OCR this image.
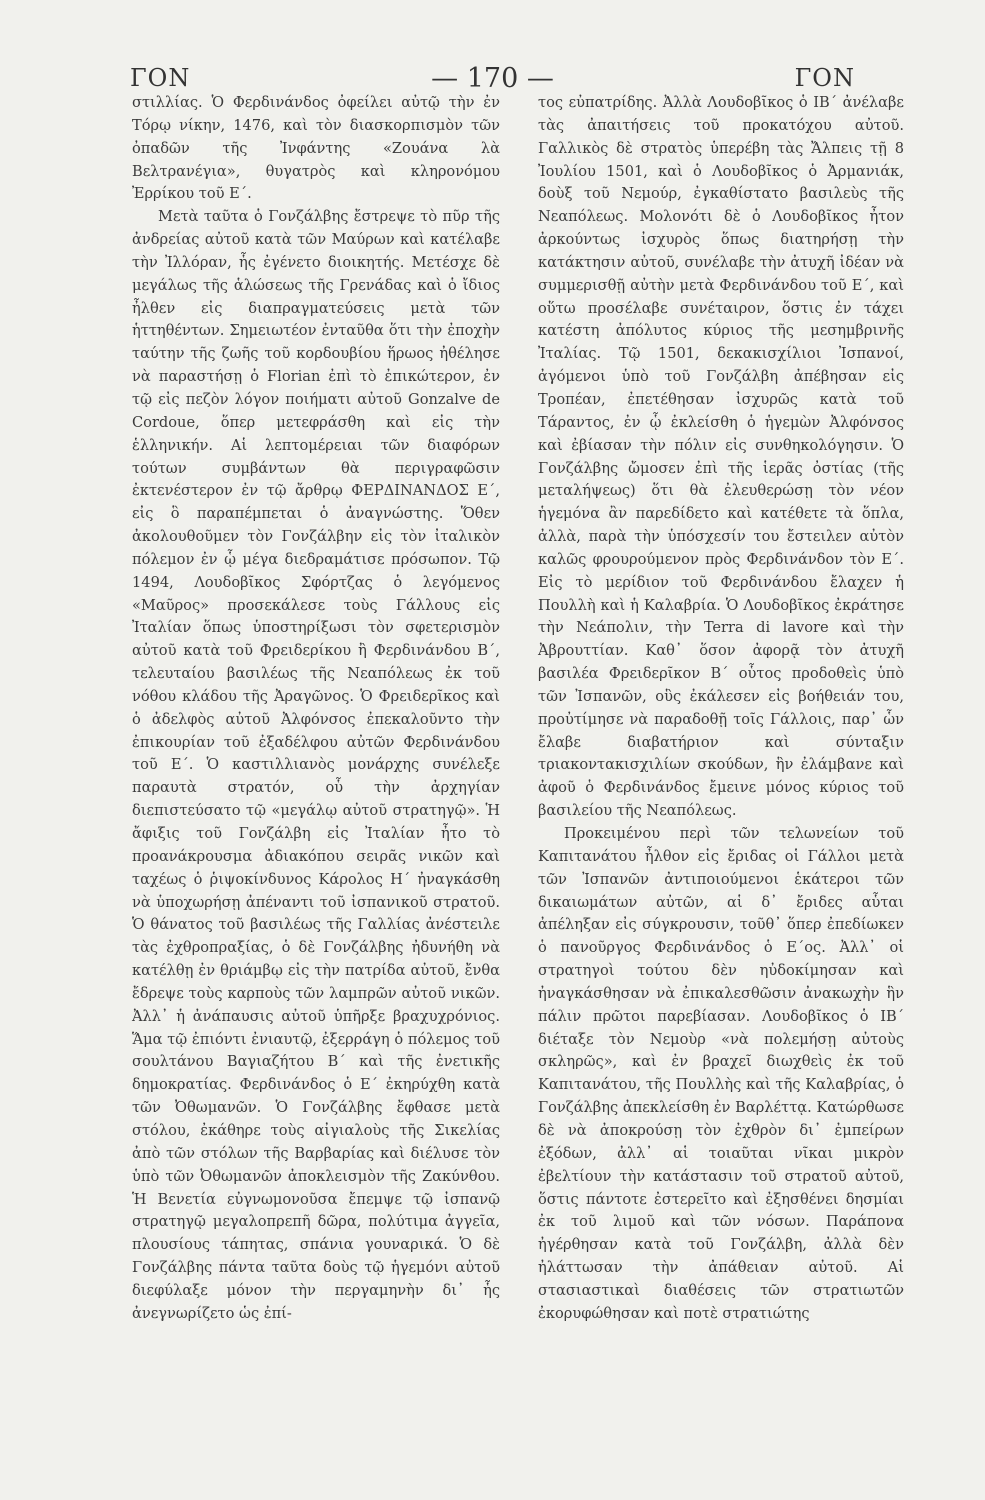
ΓΟΝ	— 170 —	ΓΟΝ

στιλλίας. Ὁ Φερδινάνδος ὀφείλει αὐτῷ τὴν ἐν Τόρῳ νίκην, 1476, καὶ τὸν διασκορπισμὸν τῶν ὀπαδῶν τῆς Ἰνφάντης «Ζουάνα λὰ Βελτρανέγια», θυγατρὸς καὶ κληρονόμου Ἐρρίκου τοῦ Ε΄.

Μετὰ ταῦτα ὁ Γονζάλβης ἔστρεψε τὸ πῦρ τῆς ἀνδρείας αὐτοῦ κατὰ τῶν Μαύρων καὶ κατέλαβε τὴν Ἰλλόραν, ἧς ἐγένετο διοικητής. Μετέσχε δὲ μεγάλως τῆς ἁλώσεως τῆς Γρενάδας καὶ ὁ ἴδιος ἦλθεν εἰς διαπραγματεύσεις μετὰ τῶν ἡττηθέντων. Σημειωτέον ἐνταῦθα ὅτι τὴν ἐποχὴν ταύτην τῆς ζωῆς τοῦ κορδουβίου ἥρωος ἠθέλησε νὰ παραστήσῃ ὁ Florian ἐπὶ τὸ ἐπικώτερον, ἐν τῷ εἰς πεζὸν λόγον ποιήματι αὐτοῦ Gonzalve de Cordoue, ὅπερ μετεφράσθη καὶ εἰς τὴν ἑλληνικήν. Αἱ λεπτομέρειαι τῶν διαφόρων τούτων συμβάντων θὰ περιγραφῶσιν ἐκτενέστερον ἐν τῷ ἄρθρῳ ΦΕΡΔΙΝΑΝΔΟΣ Ε΄, εἰς ὃ παραπέμπεται ὁ ἀναγνώστης. Ὅθεν ἀκολουθοῦμεν τὸν Γονζάλβην εἰς τὸν ἰταλικὸν πόλεμον ἐν ᾧ μέγα διεδραμάτισε πρόσωπον. Τῷ 1494, Λουδοβῖκος Σφόρτζας ὁ λεγόμενος «Μαῦρος» προσεκάλεσε τοὺς Γάλλους εἰς Ἰταλίαν ὅπως ὑποστηρίξωσι τὸν σφετερισμὸν αὐτοῦ κατὰ τοῦ Φρειδερίκου ἢ Φερδινάνδου Β΄, τελευταίου βασιλέως τῆς Νεαπόλεως ἐκ τοῦ νόθου κλάδου τῆς Ἀραγῶνος. Ὁ Φρειδερῖκος καὶ ὁ ἀδελφὸς αὐτοῦ Ἀλφόνσος ἐπεκαλοῦντο τὴν ἐπικουρίαν τοῦ ἐξαδέλφου αὐτῶν Φερδινάνδου τοῦ Ε΄. Ὁ καστιλλιανὸς μονάρχης συνέλεξε παραυτὰ στρατόν, οὗ τὴν ἀρχηγίαν διεπιστεύσατο τῷ «μεγάλῳ αὐτοῦ στρατηγῷ». Ἡ ἄφιξις τοῦ Γονζάλβη εἰς Ἰταλίαν ἦτο τὸ προανάκρουσμα ἀδιακόπου σειρᾶς νικῶν καὶ ταχέως ὁ ῥιψοκίνδυνος Κάρολος Η΄ ἠναγκάσθη νὰ ὑποχωρήσῃ ἀπέναντι τοῦ ἰσπανικοῦ στρατοῦ. Ὁ θάνατος τοῦ βασιλέως τῆς Γαλλίας ἀνέστειλε τὰς ἐχθροπραξίας, ὁ δὲ Γονζάλβης ἠδυνήθη νὰ κατέλθῃ ἐν θριάμβῳ εἰς τὴν πατρίδα αὐτοῦ, ἔνθα ἔδρεψε τοὺς καρποὺς τῶν λαμπρῶν αὐτοῦ νικῶν. Ἀλλ᾽ ἡ ἀνάπαυσις αὐτοῦ ὑπῆρξε βραχυχρόνιος. Ἅμα τῷ ἐπιόντι ἐνιαυτῷ, ἐξερράγη ὁ πόλεμος τοῦ σουλτάνου Βαγιαζήτου Β΄ καὶ τῆς ἐνετικῆς δημοκρατίας. Φερδινάνδος ὁ Ε΄ ἐκηρύχθη κατὰ τῶν Ὀθωμανῶν. Ὁ Γονζάλβης ἔφθασε μετὰ στόλου, ἐκάθηρε τοὺς αἰγιαλοὺς τῆς Σικελίας ἀπὸ τῶν στόλων τῆς Βαρβαρίας καὶ διέλυσε τὸν ὑπὸ τῶν Ὀθωμανῶν ἀποκλεισμὸν τῆς Ζακύνθου. Ἡ Βενετία εὐγνωμονοῦσα ἔπεμψε τῷ ἰσπανῷ στρατηγῷ μεγαλοπρεπῆ δῶρα, πολύτιμα ἀγγεῖα, πλουσίους τάπητας, σπάνια γουναρικά. Ὁ δὲ Γονζάλβης πάντα ταῦτα δοὺς τῷ ἡγεμόνι αὐτοῦ διεφύλαξε μόνον τὴν περγαμηνὴν δι᾽ ἧς ἀνεγνωρίζετο ὡς ἐπί-

τος εὐπατρίδης. Ἀλλὰ Λουδοβῖκος ὁ ΙΒ΄ ἀνέλαβε τὰς ἀπαιτήσεις τοῦ προκατόχου αὐτοῦ. Γαλλικὸς δὲ στρατὸς ὑπερέβη τὰς Ἄλπεις τῇ 8 Ἰουλίου 1501, καὶ ὁ Λουδοβῖκος ὁ Ἀρμανιάκ, δοὺξ τοῦ Νεμούρ, ἐγκαθίστατο βασιλεὺς τῆς Νεαπόλεως. Μολονότι δὲ ὁ Λουδοβῖκος ἦτον ἀρκούντως ἰσχυρὸς ὅπως διατηρήσῃ τὴν κατάκτησιν αὐτοῦ, συνέλαβε τὴν ἀτυχῆ ἰδέαν νὰ συμμερισθῇ αὐτὴν μετὰ Φερδινάνδου τοῦ Ε΄, καὶ οὕτω προσέλαβε συνέταιρον, ὅστις ἐν τάχει κατέστη ἀπόλυτος κύριος τῆς μεσημβρινῆς Ἰταλίας. Τῷ 1501, δεκακισχίλιοι Ἰσπανοί, ἀγόμενοι ὑπὸ τοῦ Γονζάλβη ἀπέβησαν εἰς Τροπέαν, ἐπετέθησαν ἰσχυρῶς κατὰ τοῦ Τάραντος, ἐν ᾧ ἐκλείσθη ὁ ἡγεμὼν Ἀλφόνσος καὶ ἐβίασαν τὴν πόλιν εἰς συνθηκολόγησιν. Ὁ Γονζάλβης ὤμοσεν ἐπὶ τῆς ἱερᾶς ὀστίας (τῆς μεταλήψεως) ὅτι θὰ ἐλευθερώσῃ τὸν νέον ἡγεμόνα ἂν παρεδίδετο καὶ κατέθετε τὰ ὅπλα, ἀλλὰ, παρὰ τὴν ὑπόσχεσίν του ἔστειλεν αὐτὸν καλῶς φρουρούμενον πρὸς Φερδινάνδον τὸν Ε΄. Εἰς τὸ μερίδιον τοῦ Φερδινάνδου ἔλαχεν ἡ Πουλλὴ καὶ ἡ Καλαβρία. Ὁ Λουδοβῖκος ἐκράτησε τὴν Νεάπολιν, τὴν Terra di lavore καὶ τὴν Ἀβρουττίαν. Καθ᾽ ὅσον ἀφορᾷ τὸν ἀτυχῆ βασιλέα Φρειδερῖκον Β΄ οὗτος προδοθεὶς ὑπὸ τῶν Ἰσπανῶν, οὓς ἐκάλεσεν εἰς βοήθειάν του, προὐτίμησε νὰ παραδοθῇ τοῖς Γάλλοις, παρ᾽ ὧν ἔλαβε διαβατήριον καὶ σύνταξιν τριακοντακισχιλίων σκούδων, ἣν ἐλάμβανε καὶ ἀφοῦ ὁ Φερδινάνδος ἔμεινε μόνος κύριος τοῦ βασιλείου τῆς Νεαπόλεως.

Προκειμένου περὶ τῶν τελωνείων τοῦ Καπιτανάτου ἦλθον εἰς ἔριδας οἱ Γάλλοι μετὰ τῶν Ἰσπανῶν ἀντιποιούμενοι ἑκάτεροι τῶν δικαιωμάτων αὐτῶν, αἱ δ᾽ ἔριδες αὗται ἀπέληξαν εἰς σύγκρουσιν, τοῦθ᾽ ὅπερ ἐπεδίωκεν ὁ πανοῦργος Φερδινάνδος ὁ Ε΄ος. Ἀλλ᾽ οἱ στρατηγοὶ τούτου δὲν ηὐδοκίμησαν καὶ ἠναγκάσθησαν νὰ ἐπικαλεσθῶσιν ἀνακωχὴν ἣν πάλιν πρῶτοι παρεβίασαν. Λουδοβῖκος ὁ ΙΒ΄ διέταξε τὸν Νεμοὺρ «νὰ πολεμήσῃ αὐτοὺς σκληρῶς», καὶ ἐν βραχεῖ διωχθεὶς ἐκ τοῦ Καπιτανάτου, τῆς Πουλλὴς καὶ τῆς Καλαβρίας, ὁ Γονζάλβης ἀπεκλείσθη ἐν Βαρλέττᾳ. Κατώρθωσε δὲ νὰ ἀποκρούσῃ τὸν ἐχθρὸν δι᾽ ἐμπείρων ἐξόδων, ἀλλ᾽ αἱ τοιαῦται νῖκαι μικρὸν ἐβελτίουν τὴν κατάστασιν τοῦ στρατοῦ αὐτοῦ, ὅστις πάντοτε ἐστερεῖτο καὶ ἐξησθένει δησμίαι ἐκ τοῦ λιμοῦ καὶ τῶν νόσων. Παράπονα ἠγέρθησαν κατὰ τοῦ Γονζάλβη, ἀλλὰ δὲν ἠλάττωσαν τὴν ἀπάθειαν αὐτοῦ. Αἱ στασιαστικαὶ διαθέσεις τῶν στρατιωτῶν ἐκορυφώθησαν καὶ ποτὲ στρατιώτης
